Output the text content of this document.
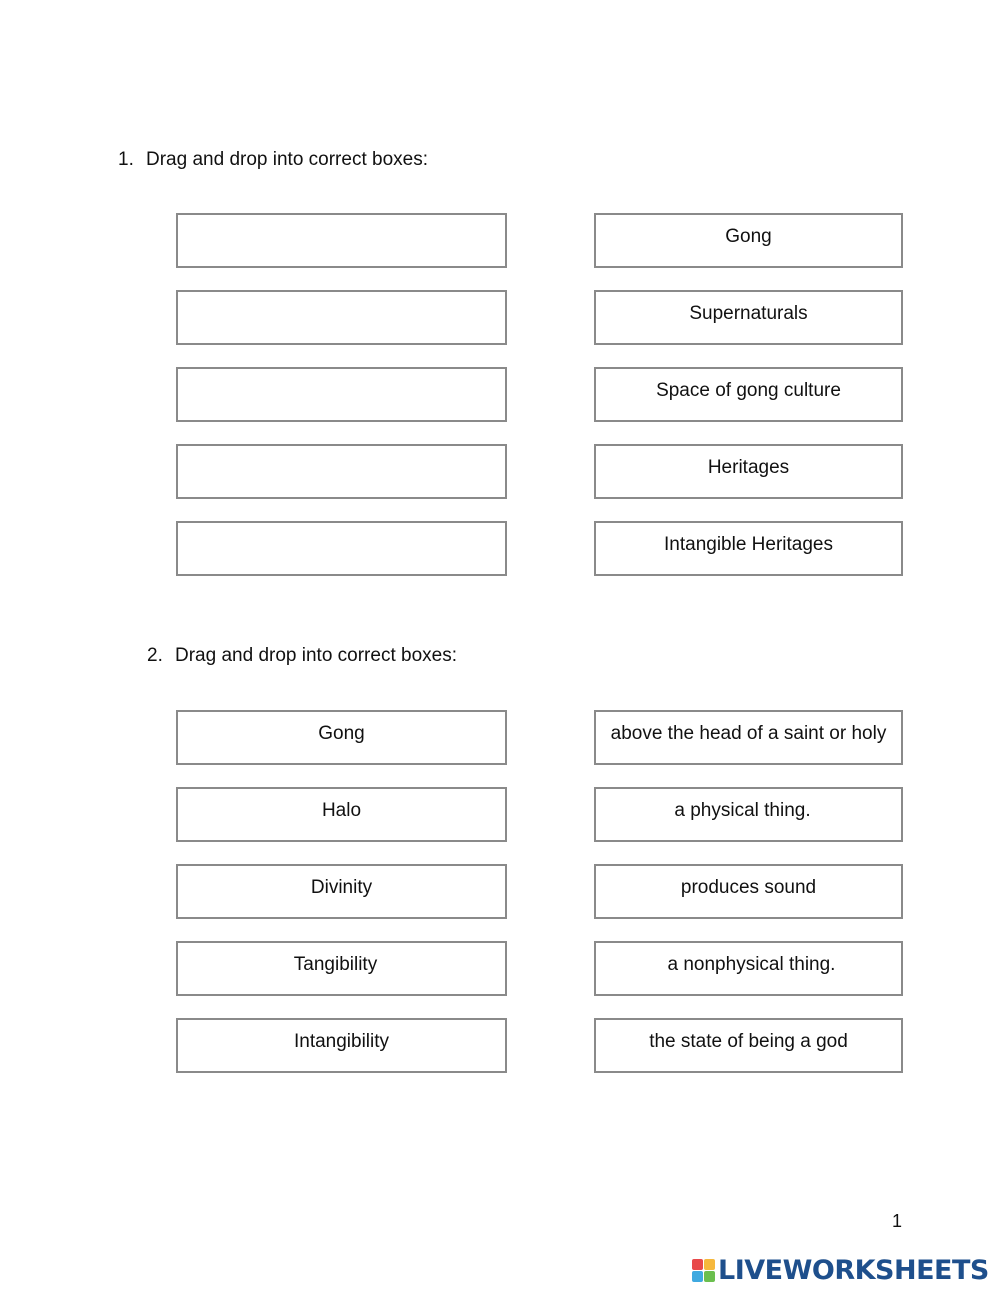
1. Drag and drop into correct boxes:
Gong
Supernaturals
Space of gong culture
Heritages
Intangible Heritages
2. Drag and drop into correct boxes:
Gong
Halo
Divinity
Tangibility
Intangibility
above the head of a saint or holy
a physical thing.
produces sound
a nonphysical thing.
the state of being a god
1
LIVEWORKSHEETS
